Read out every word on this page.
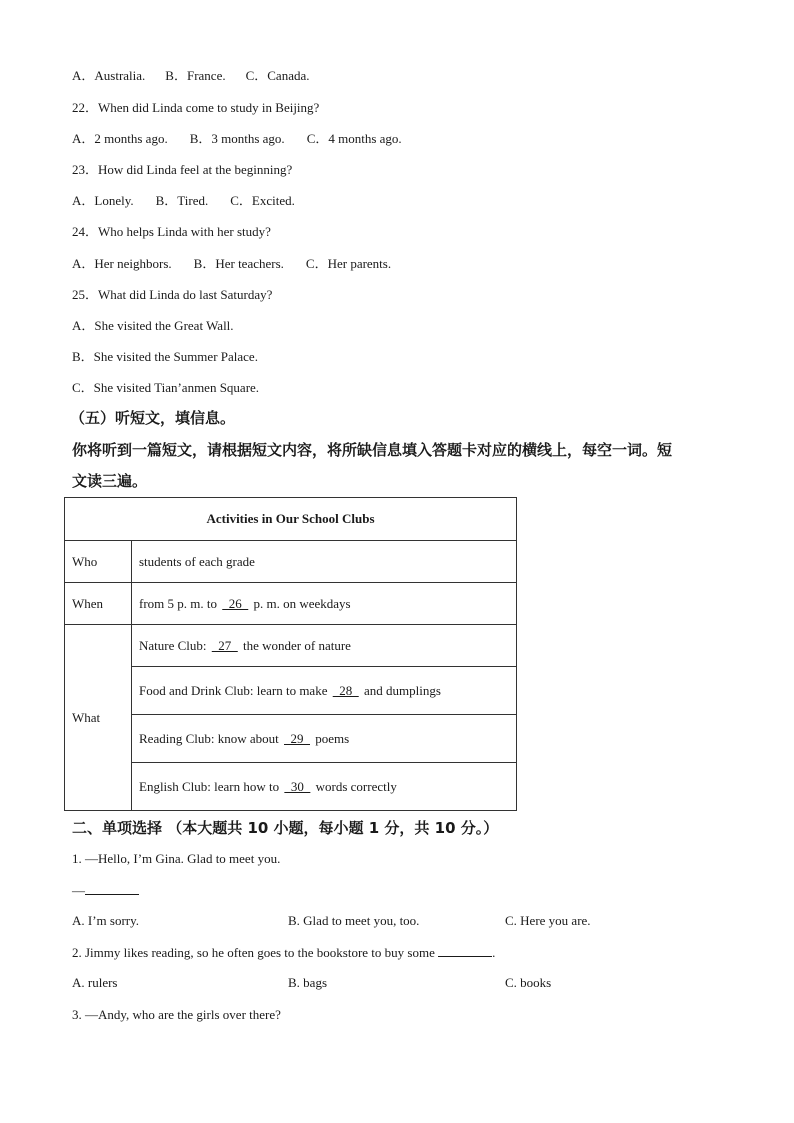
A．Australia. B．France. C．Canada.
22．When did Linda come to study in Beijing?
A．2 months ago. B．3 months ago. C．4 months ago.
23．How did Linda feel at the beginning?
A．Lonely. B．Tired. C．Excited.
24．Who helps Linda with her study?
A．Her neighbors. B．Her teachers. C．Her parents.
25．What did Linda do last Saturday?
A．She visited the Great Wall.
B．She visited the Summer Palace.
C．She visited Tian’anmen Square.
（五）听短文，填信息。
你将听到一篇短文，请根据短文内容，将所缺信息填入答题卡对应的横线上，每空一词。短
文读三遍。
Activities in Our School Clubs	
Who	students of each grade
When	from 5 p. m. to   26   p. m. on weekdays
What	Nature Club:   27   the wonder of nature
	Food and Drink Club: learn to make   28   and dumplings
	Reading Club: know about   29   poems
	English Club: learn how to   30   words correctly
二、单项选择 （本大题共 10 小题，每小题 1 分，共 10 分。）
1. —Hello, I’m Gina. Glad to meet you.
—
A. I’m sorry.	B. Glad to meet you, too.	C. Here you are.
2. Jimmy likes reading, so he often goes to the bookstore to buy some	.
A. rulers	B. bags	C. books
3. —Andy, who are the girls over there?
